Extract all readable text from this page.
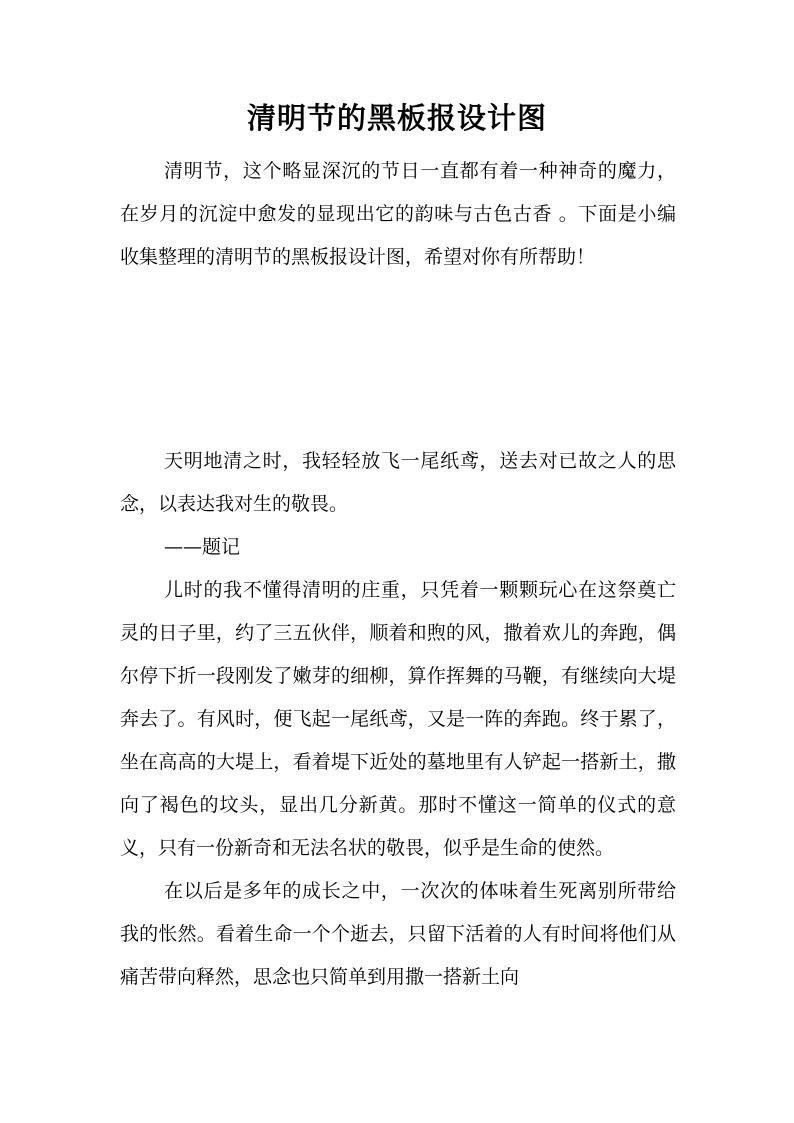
清明节的黑板报设计图

清明节，这个略显深沉的节日一直都有着一种神奇的魔力，在岁月的沉淀中愈发的显现出它的韵味与古色古香 。下面是小编收集整理的清明节的黑板报设计图，希望对你有所帮助！

天明地清之时，我轻轻放飞一尾纸鸢，送去对已故之人的思念，以表达我对生的敬畏。

——题记

儿时的我不懂得清明的庄重，只凭着一颗颗玩心在这祭奠亡灵的日子里，约了三五伙伴，顺着和煦的风，撒着欢儿的奔跑，偶尔停下折一段刚发了嫩芽的细柳，算作挥舞的马鞭，有继续向大堤奔去了。有风时，便飞起一尾纸鸢，又是一阵的奔跑。终于累了，坐在高高的大堤上，看着堤下近处的墓地里有人铲起一搭新土，撒向了褐色的坟头，显出几分新黄。那时不懂这一简单的仪式的意义，只有一份新奇和无法名状的敬畏，似乎是生命的使然。

在以后是多年的成长之中，一次次的体味着生死离别所带给我的怅然。看着生命一个个逝去，只留下活着的人有时间将他们从痛苦带向释然，思念也只简单到用撒一搭新土向
